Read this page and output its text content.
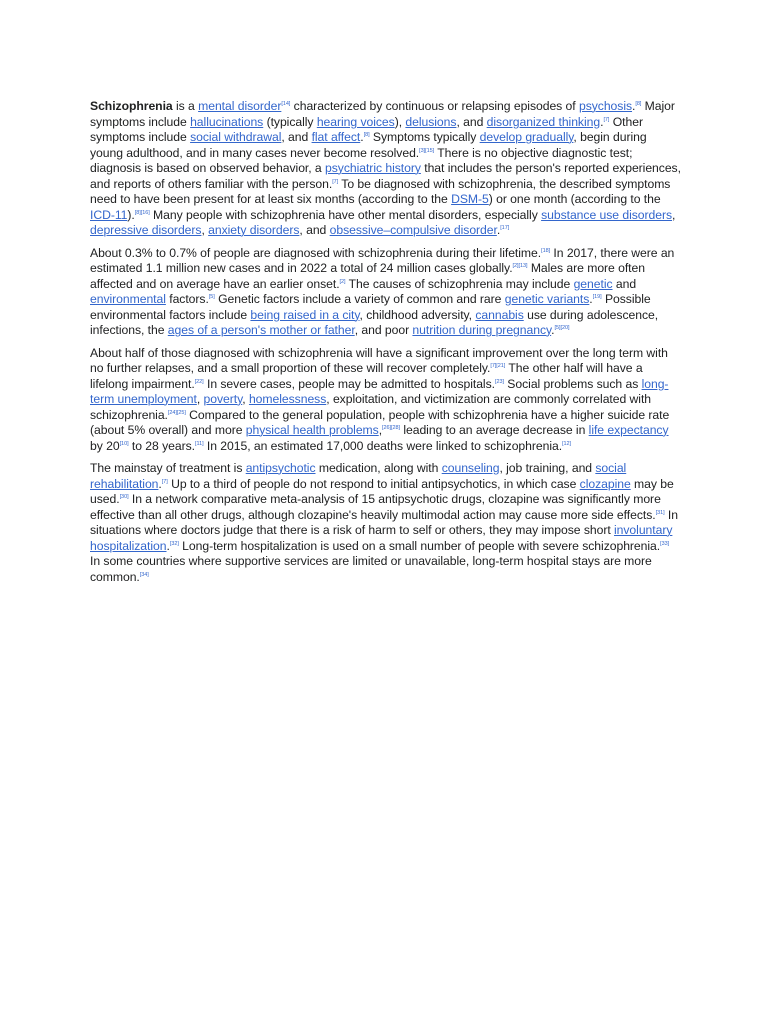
Schizophrenia is a mental disorder[14] characterized by continuous or relapsing episodes of psychosis.[8] Major symptoms include hallucinations (typically hearing voices), delusions, and disorganized thinking.[7] Other symptoms include social withdrawal, and flat affect.[8] Symptoms typically develop gradually, begin during young adulthood, and in many cases never become resolved.[3][15] There is no objective diagnostic test; diagnosis is based on observed behavior, a psychiatric history that includes the person's reported experiences, and reports of others familiar with the person.[7] To be diagnosed with schizophrenia, the described symptoms need to have been present for at least six months (according to the DSM-5) or one month (according to the ICD-11).[8][16] Many people with schizophrenia have other mental disorders, especially substance use disorders, depressive disorders, anxiety disorders, and obsessive–compulsive disorder.[17]

About 0.3% to 0.7% of people are diagnosed with schizophrenia during their lifetime.[18] In 2017, there were an estimated 1.1 million new cases and in 2022 a total of 24 million cases globally.[2][13] Males are more often affected and on average have an earlier onset.[2] The causes of schizophrenia may include genetic and environmental factors.[5] Genetic factors include a variety of common and rare genetic variants.[19] Possible environmental factors include being raised in a city, childhood adversity, cannabis use during adolescence, infections, the ages of a person's mother or father, and poor nutrition during pregnancy.[5][20]

About half of those diagnosed with schizophrenia will have a significant improvement over the long term with no further relapses, and a small proportion of these will recover completely.[7][21] The other half will have a lifelong impairment.[22] In severe cases, people may be admitted to hospitals.[23] Social problems such as long-term unemployment, poverty, homelessness, exploitation, and victimization are commonly correlated with schizophrenia.[24][25] Compared to the general population, people with schizophrenia have a higher suicide rate (about 5% overall) and more physical health problems,[26][28] leading to an average decrease in life expectancy by 20[10] to 28 years.[11] In 2015, an estimated 17,000 deaths were linked to schizophrenia.[12]

The mainstay of treatment is antipsychotic medication, along with counseling, job training, and social rehabilitation.[7] Up to a third of people do not respond to initial antipsychotics, in which case clozapine may be used.[30] In a network comparative meta-analysis of 15 antipsychotic drugs, clozapine was significantly more effective than all other drugs, although clozapine's heavily multimodal action may cause more side effects.[31] In situations where doctors judge that there is a risk of harm to self or others, they may impose short involuntary hospitalization.[32] Long-term hospitalization is used on a small number of people with severe schizophrenia.[33] In some countries where supportive services are limited or unavailable, long-term hospital stays are more common.[34]
